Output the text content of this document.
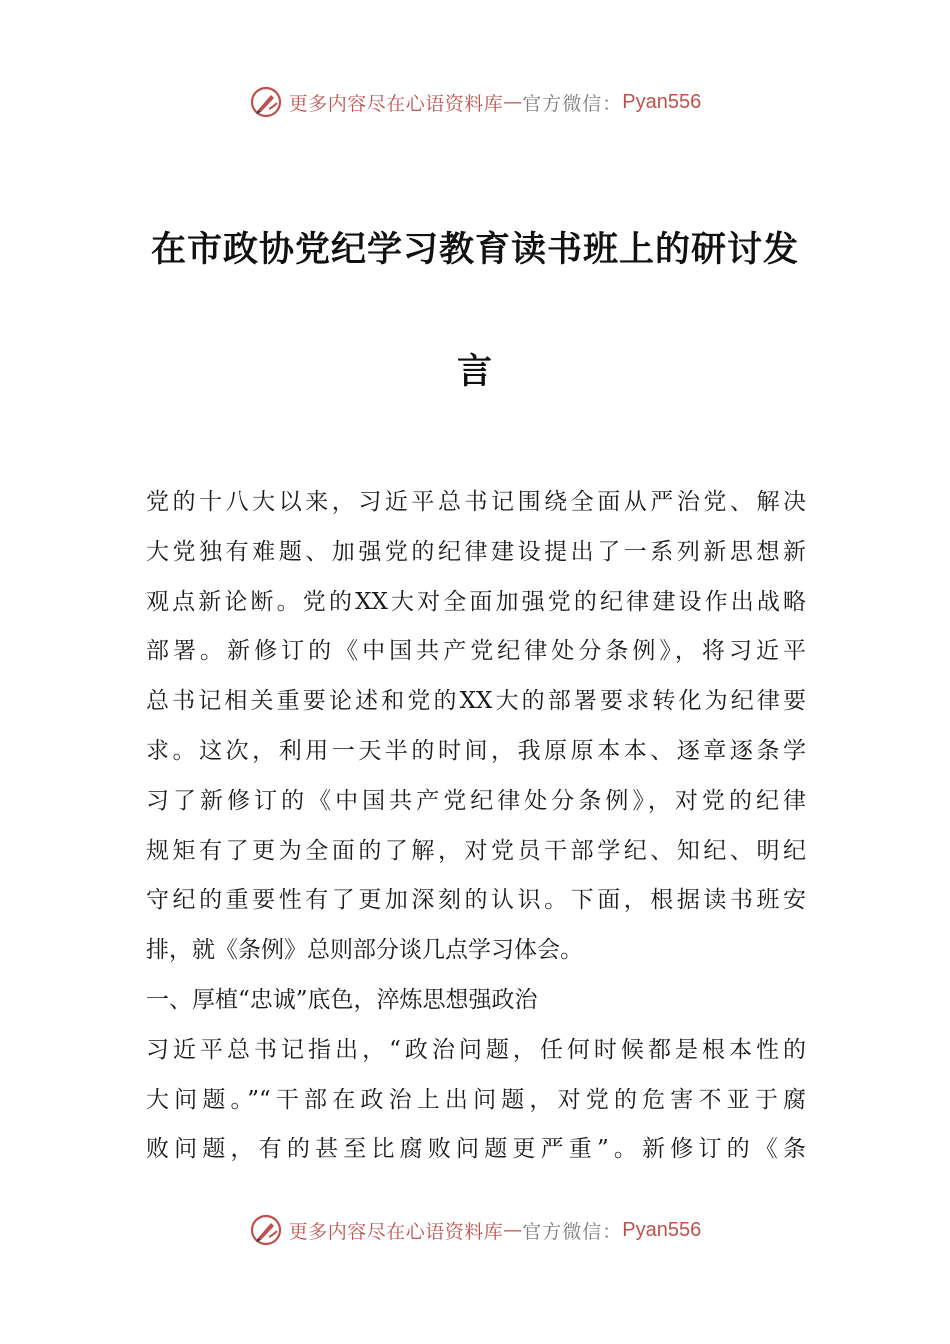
更多内容尽在心语资料库 — 官方微信： Pyan556
在市政协党纪学习教育读书班上的研讨发
言
党的十八大以来，习近平总书记围绕全面从严治党、解决
大党独有难题、加强党的纪律建设提出了一系列新思想新
观点新论断。党的XX大对全面加强党的纪律建设作出战略
部署。新修订的《中国共产党纪律处分条例》，将习近平
总书记相关重要论述和党的XX大的部署要求转化为纪律要
求。这次，利用一天半的时间，我原原本本、逐章逐条学
习了新修订的《中国共产党纪律处分条例》，对党的纪律
规矩有了更为全面的了解，对党员干部学纪、知纪、明纪
守纪的重要性有了更加深刻的认识。下面，根据读书班安
排，就《条例》总则部分谈几点学习体会。
一、厚植“忠诚”底色，淬炼思想强政治
习近平总书记指出，“政治问题，任何时候都是根本性的
大问题。”“干部在政治上出问题，对党的危害不亚于腐
败问题，有的甚至比腐败问题更严重”。新修订的《条
更多内容尽在心语资料库 — 官方微信： Pyan556
